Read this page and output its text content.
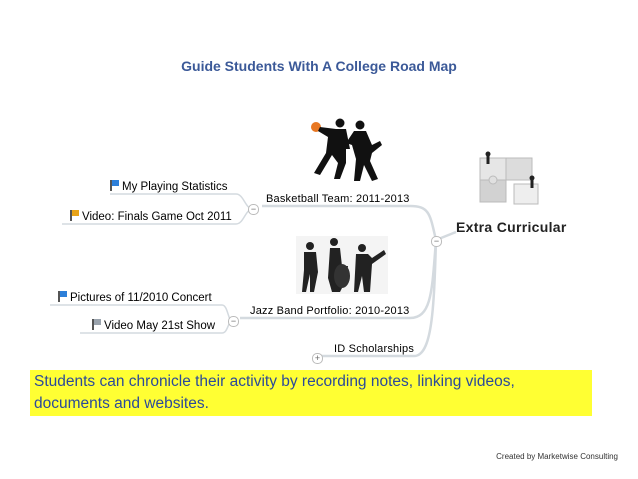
Guide Students With A College Road Map
Extra Curricular
−
Basketball Team: 2011-2013
−
My Playing Statistics
Video: Finals Game Oct 2011
Jazz Band Portfolio: 2010-2013
−
Pictures of 11/2010 Concert
Video May 21st Show
ID Scholarships
+
Students can chronicle their activity by recording notes, linking videos, documents and websites.
Created by Marketwise Consulting
